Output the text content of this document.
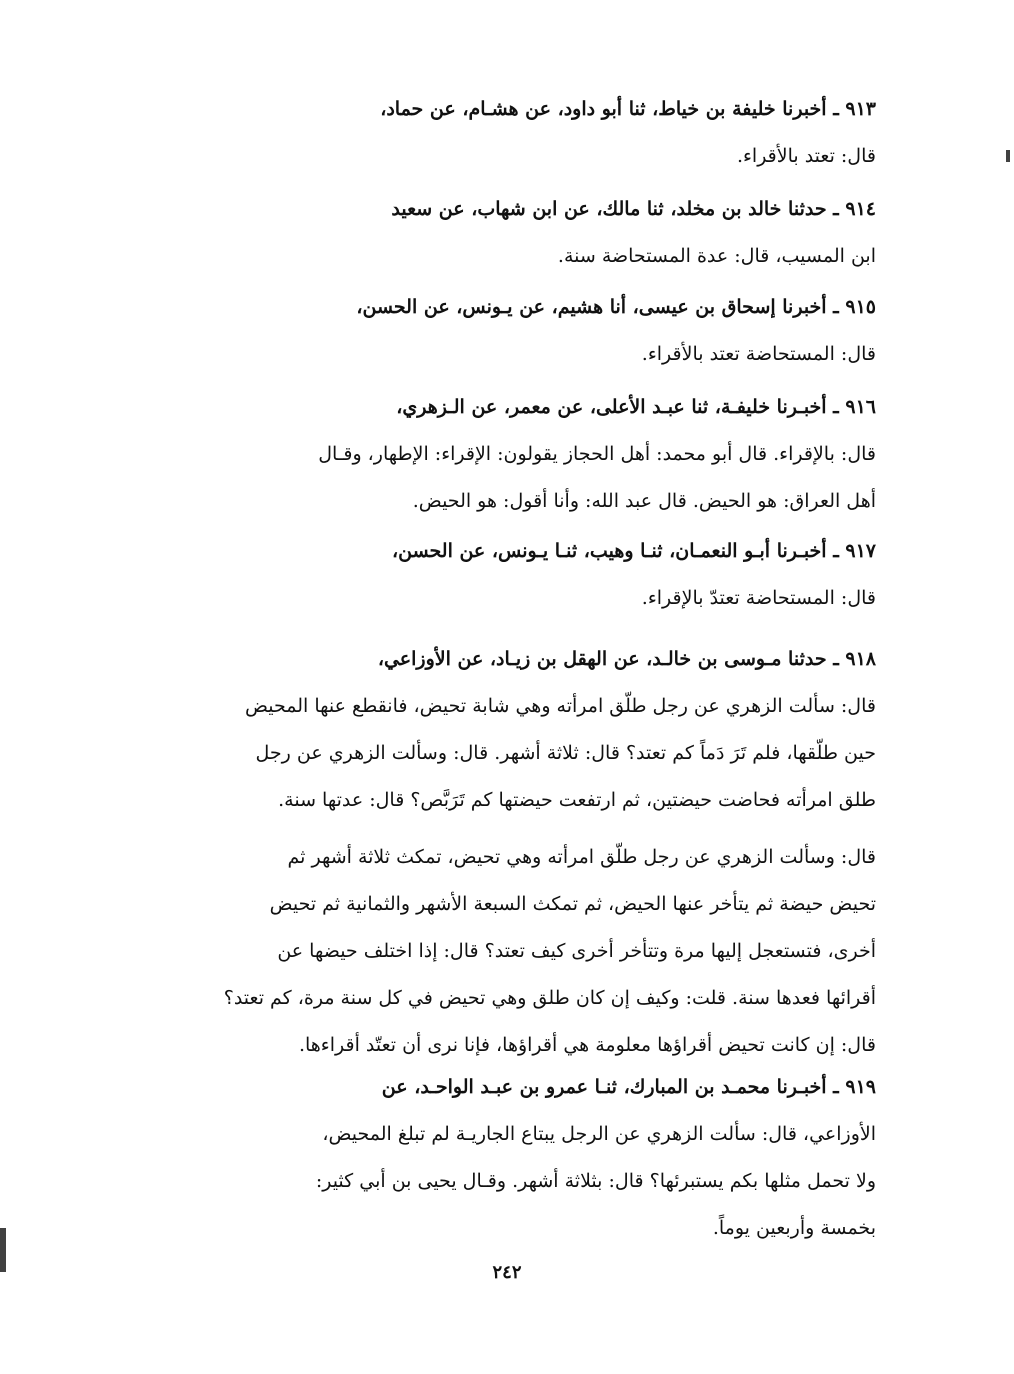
٩١٣ ـ أخبرنا خليفة بن خياط، ثنا أبو داود، عن هشـام، عن حماد،
قال: تعتد بالأقراء.
٩١٤ ـ حدثنا خالد بن مخلد، ثنا مالك، عن ابن شهاب، عن سعيد
ابن المسيب، قال: عدة المستحاضة سنة.
٩١٥ ـ أخبرنا إسحاق بن عيسى، أنا هشيم، عن يـونس، عن الحسن،
قال: المستحاضة تعتد بالأقراء.
٩١٦ ـ أخبـرنا خليفـة، ثنا عبـد الأعلى، عن معمر، عن الـزهري،
قال: بالإقراء. قال أبو محمد: أهل الحجاز يقولون: الإقراء: الإطهار، وقـال
أهل العراق: هو الحيض. قال عبد الله: وأنا أقول: هو الحيض.
٩١٧ ـ أخبـرنا أبـو النعمـان، ثنـا وهيب، ثنـا يـونس، عن الحسن،
قال: المستحاضة تعتدّ بالإقراء.
٩١٨ ـ حدثنا مـوسى بن خالـد، عن الهقل بن زيـاد، عن الأوزاعي،
قال: سألت الزهري عن رجل طلّق امرأته وهي شابة تحيض، فانقطع عنها المحيض
حين طلّقها، فلم تَرَ دَماً كم تعتد؟ قال: ثلاثة أشهر. قال: وسألت الزهري عن رجل
طلق امرأته فحاضت حيضتين، ثم ارتفعت حيضتها كم تَرَبَّص؟ قال: عدتها سنة.
قال: وسألت الزهري عن رجل طلّق امرأته وهي تحيض، تمكث ثلاثة أشهر ثم
تحيض حيضة ثم يتأخر عنها الحيض، ثم تمكث السبعة الأشهر والثمانية ثم تحيض
أخرى، فتستعجل إليها مرة وتتأخر أخرى كيف تعتد؟ قال: إذا اختلف حيضها عن
أقرائها فعدها سنة. قلت: وكيف إن كان طلق وهي تحيض في كل سنة مرة، كم تعتد؟
قال: إن كانت تحيض أقراؤها معلومة هي أقراؤها، فإنا نرى أن تعتّد أقراءها.
٩١٩ ـ أخبـرنا محمـد بن المبارك، ثنـا عمرو بن عبـد الواحـد، عن
الأوزاعي، قال: سألت الزهري عن الرجل يبتاع الجاريـة لم تبلغ المحيض،
ولا تحمل مثلها بكم يستبرئها؟ قال: بثلاثة أشهر. وقـال يحيى بن أبي كثير:
بخمسة وأربعين يوماً.
٢٤٢
